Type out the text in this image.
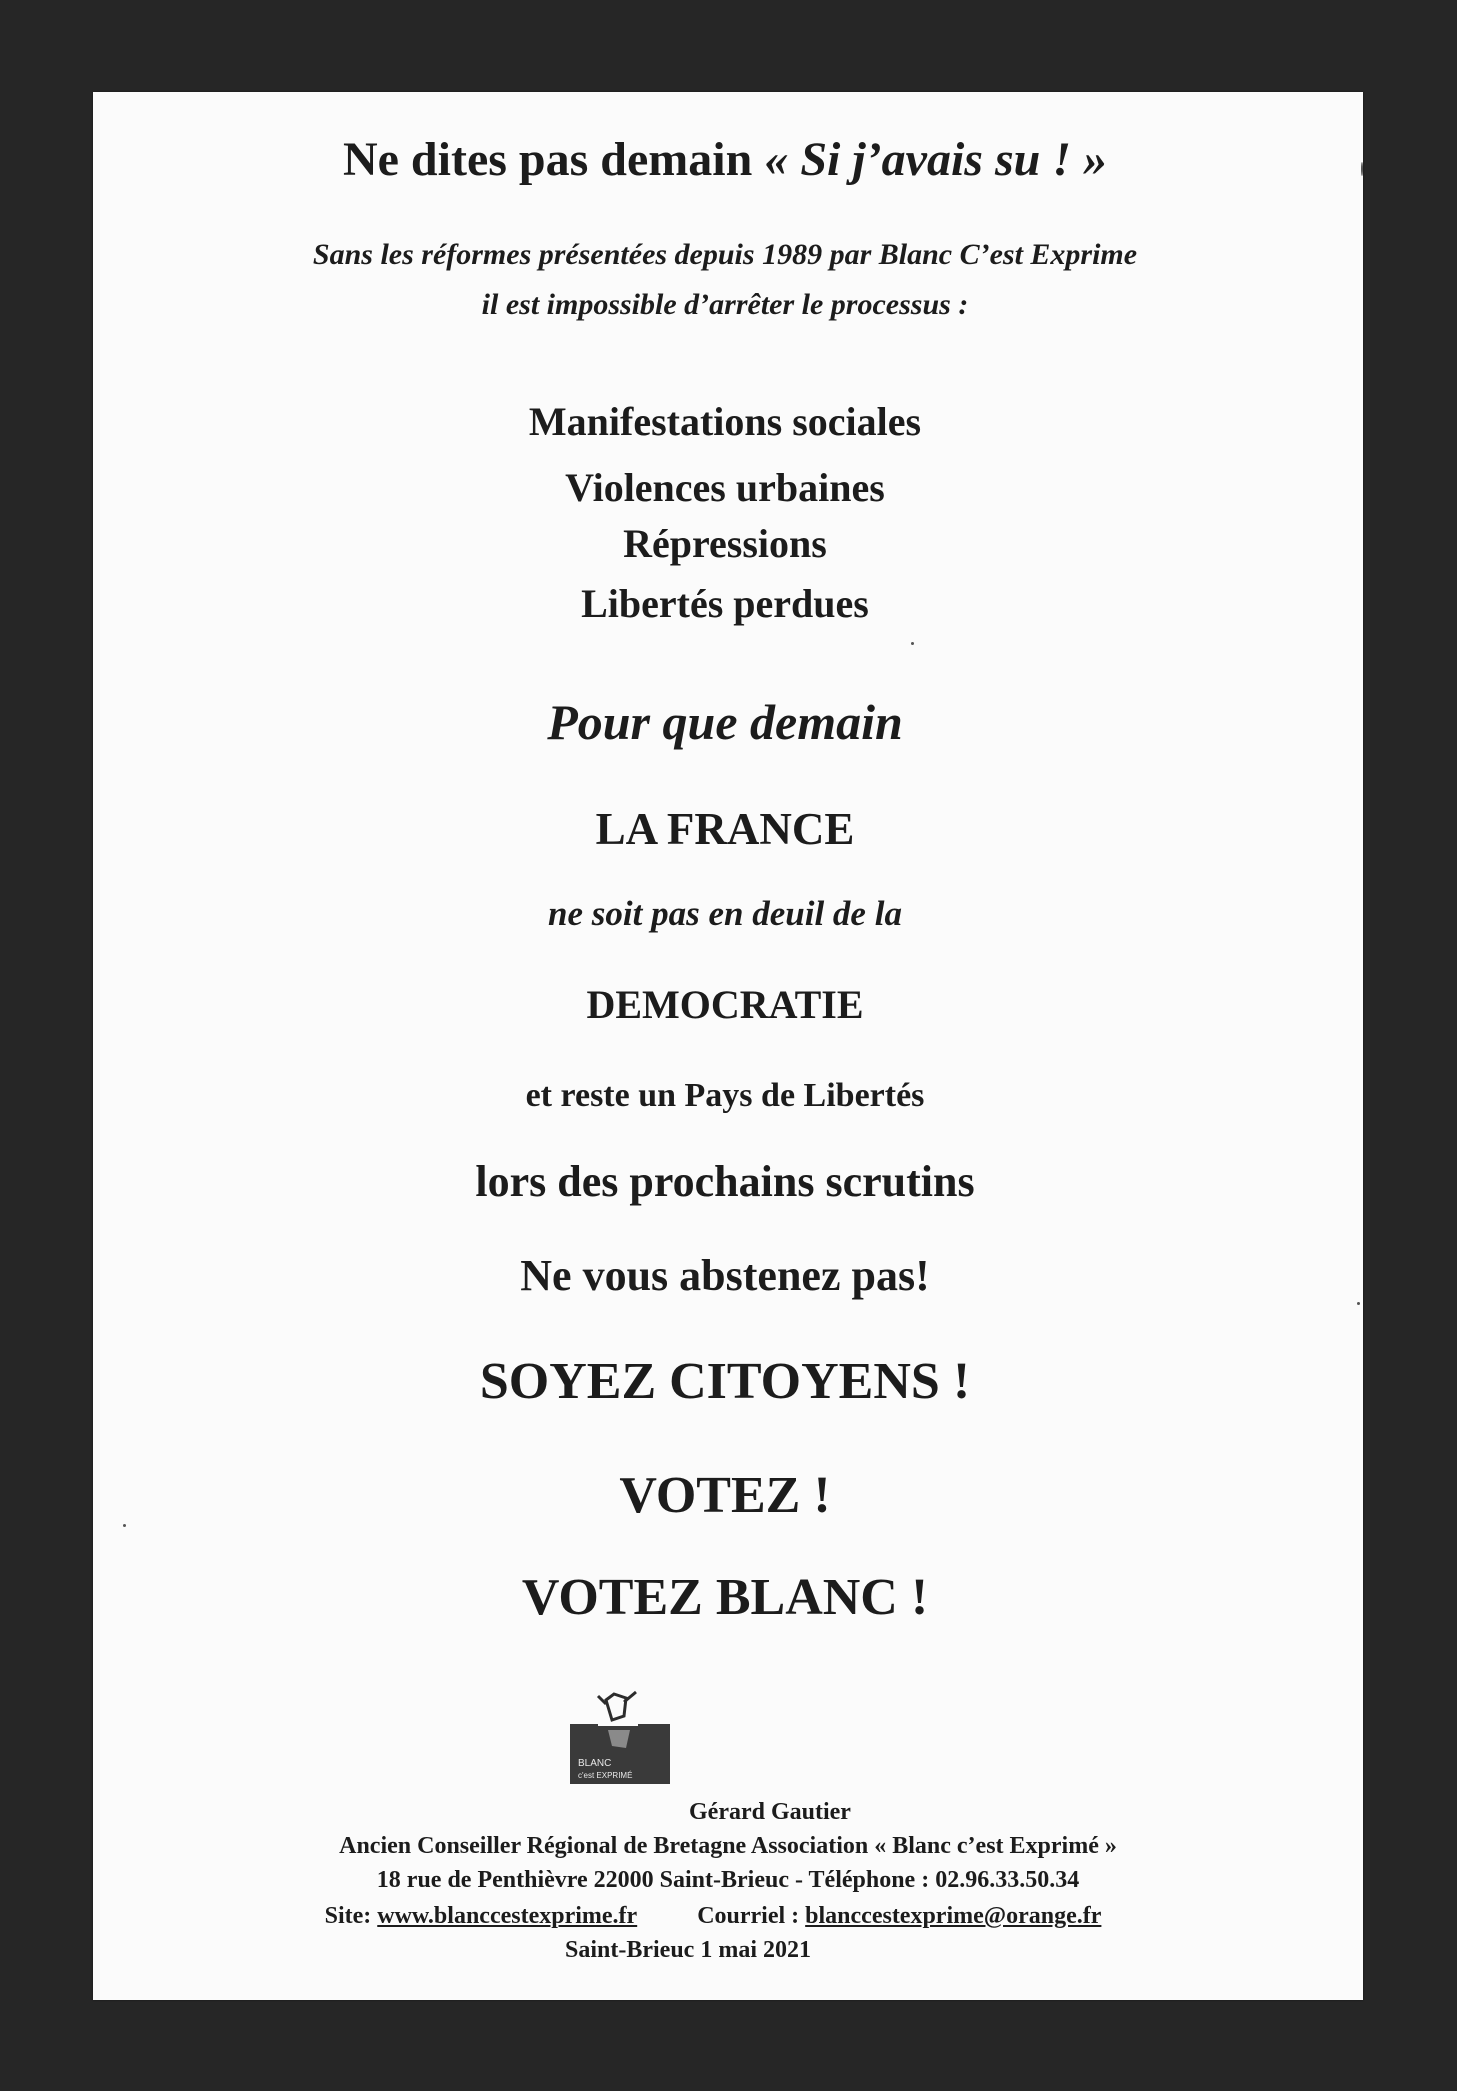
Ne dites pas demain « Si j’avais su ! »
Sans les réformes présentées depuis 1989 par Blanc C’est Exprime
il est impossible d’arrêter le processus :
Manifestations sociales
Violences urbaines
Répressions
Libertés perdues
Pour que demain
LA FRANCE
ne soit pas en deuil de la
DEMOCRATIE
et reste un Pays de Libertés
lors des prochains scrutins
Ne vous abstenez pas!
SOYEZ CITOYENS !
VOTEZ !
VOTEZ BLANC !
BLANC
c'est EXPRIMÉ
Gérard Gautier
Ancien Conseiller Régional de Bretagne Association « Blanc c’est Exprimé »
18 rue de Penthièvre 22000 Saint-Brieuc - Téléphone : 02.96.33.50.34
Site: www.blanccestexprime.fr	Courriel : blanccestexprime@orange.fr
Saint-Brieuc 1 mai 2021
